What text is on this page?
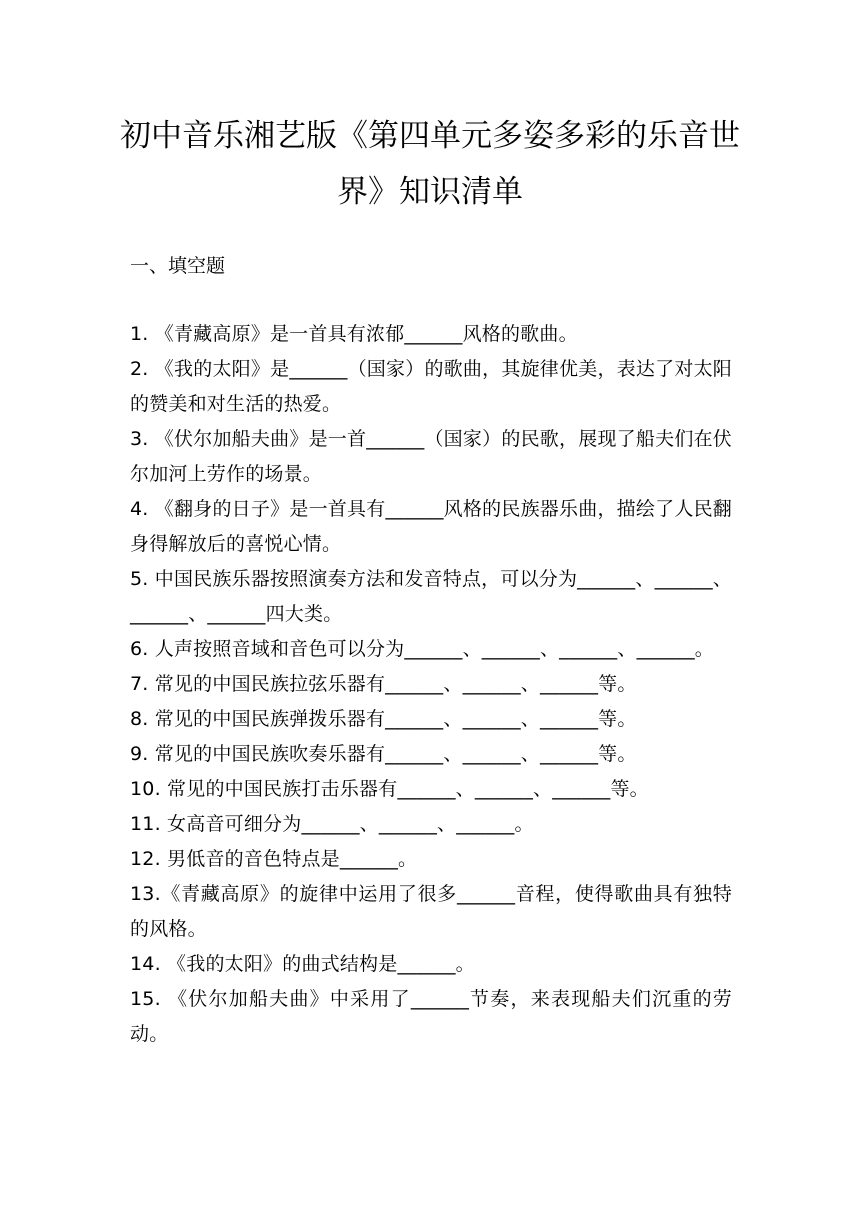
初中音乐湘艺版《第四单元多姿多彩的乐音世界》知识清单
一、填空题
1. 《青藏高原》是一首具有浓郁______风格的歌曲。
2. 《我的太阳》是______（国家）的歌曲，其旋律优美，表达了对太阳的赞美和对生活的热爱。
3. 《伏尔加船夫曲》是一首______（国家）的民歌，展现了船夫们在伏尔加河上劳作的场景。
4. 《翻身的日子》是一首具有______风格的民族器乐曲，描绘了人民翻身得解放后的喜悦心情。
5. 中国民族乐器按照演奏方法和发音特点，可以分为______、______、______、______四大类。
6. 人声按照音域和音色可以分为______、______、______、______。
7. 常见的中国民族拉弦乐器有______、______、______等。
8. 常见的中国民族弹拨乐器有______、______、______等。
9. 常见的中国民族吹奏乐器有______、______、______等。
10. 常见的中国民族打击乐器有______、______、______等。
11. 女高音可细分为______、______、______。
12. 男低音的音色特点是______。
13.《青藏高原》的旋律中运用了很多______音程，使得歌曲具有独特的风格。
14. 《我的太阳》的曲式结构是______。
15. 《伏尔加船夫曲》中采用了______节奏，来表现船夫们沉重的劳动。
